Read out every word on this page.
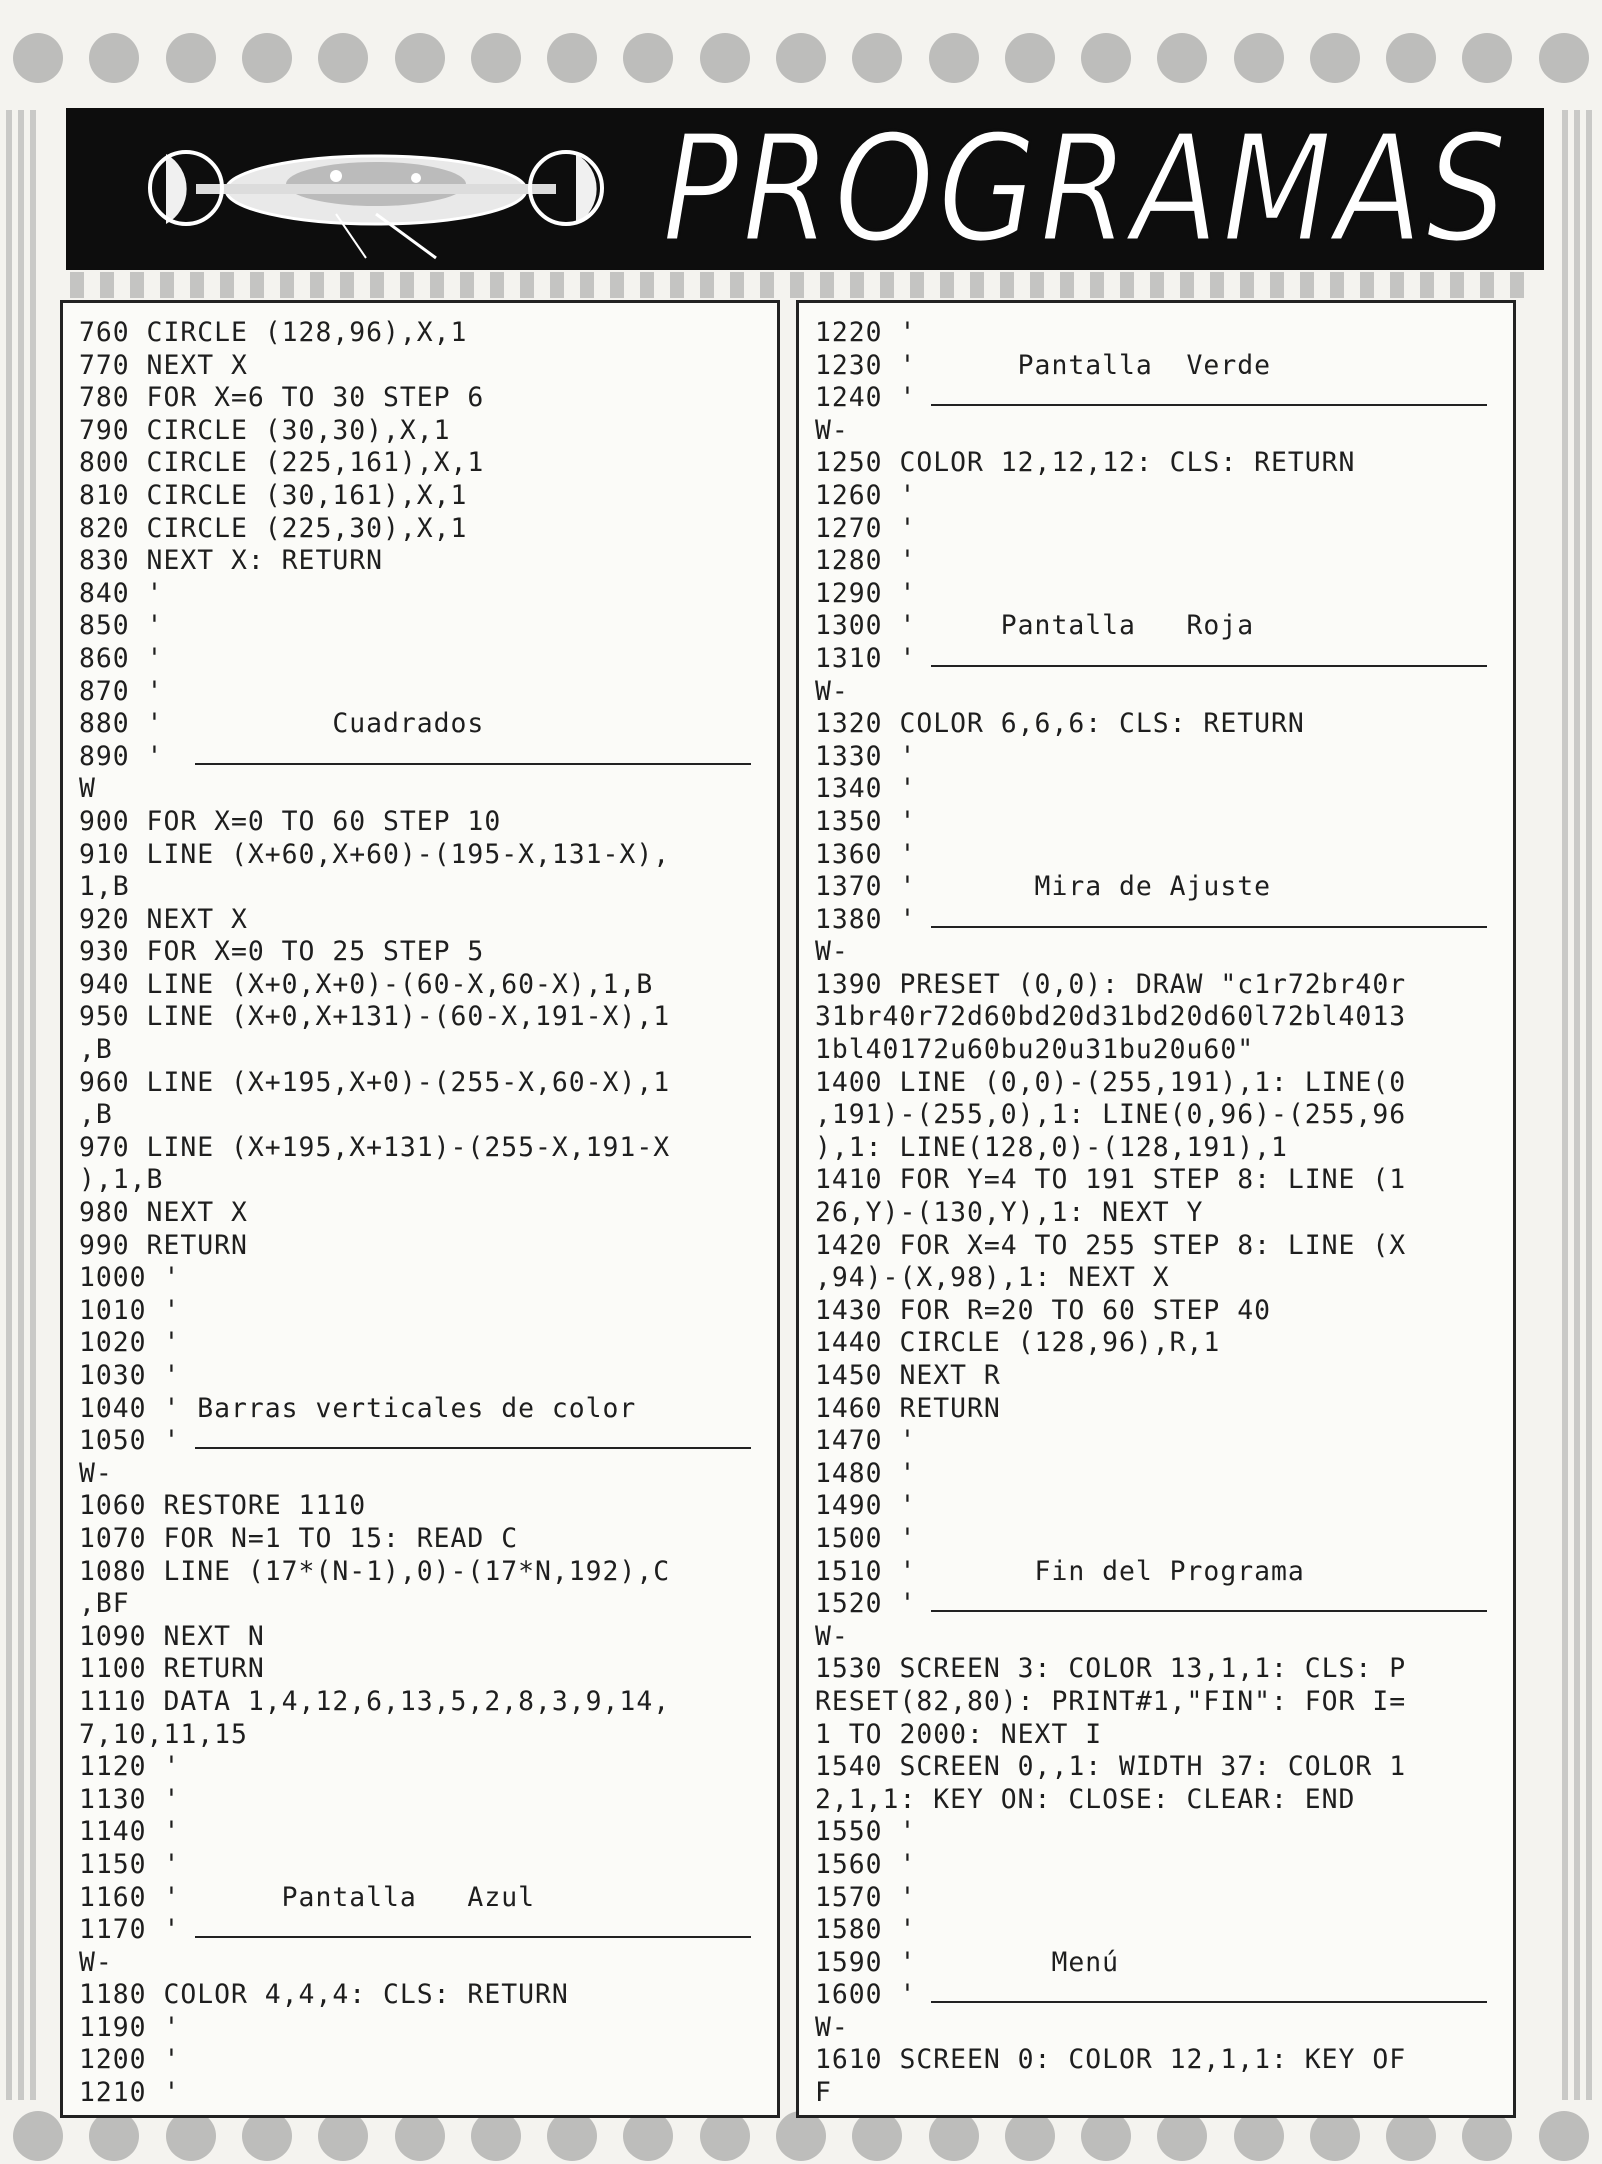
PROGRAMAS
760 CIRCLE (128,96),X,1
770 NEXT X
780 FOR X=6 TO 30 STEP 6
790 CIRCLE (30,30),X,1
800 CIRCLE (225,161),X,1
810 CIRCLE (30,161),X,1
820 CIRCLE (225,30),X,1
830 NEXT X: RETURN
840 '
850 '
860 '
870 '
880 '          Cuadrados
890 '
W
900 FOR X=0 TO 60 STEP 10
910 LINE (X+60,X+60)-(195-X,131-X),
1,B
920 NEXT X
930 FOR X=0 TO 25 STEP 5
940 LINE (X+0,X+0)-(60-X,60-X),1,B
950 LINE (X+0,X+131)-(60-X,191-X),1
,B
960 LINE (X+195,X+0)-(255-X,60-X),1
,B
970 LINE (X+195,X+131)-(255-X,191-X
),1,B
980 NEXT X
990 RETURN
1000 '
1010 '
1020 '
1030 '
1040 ' Barras verticales de color
1050 '
W-
1060 RESTORE 1110
1070 FOR N=1 TO 15: READ C
1080 LINE (17*(N-1),0)-(17*N,192),C
,BF
1090 NEXT N
1100 RETURN
1110 DATA 1,4,12,6,13,5,2,8,3,9,14,
7,10,11,15
1120 '
1130 '
1140 '
1150 '
1160 '      Pantalla   Azul
1170 '
W-
1180 COLOR 4,4,4: CLS: RETURN
1190 '
1200 '
1210 '
1220 '
1230 '      Pantalla  Verde
1240 '
W-
1250 COLOR 12,12,12: CLS: RETURN
1260 '
1270 '
1280 '
1290 '
1300 '     Pantalla   Roja
1310 '
W-
1320 COLOR 6,6,6: CLS: RETURN
1330 '
1340 '
1350 '
1360 '
1370 '       Mira de Ajuste
1380 '
W-
1390 PRESET (0,0): DRAW "c1r72br40r
31br40r72d60bd20d31bd20d60l72bl4013
1bl40172u60bu20u31bu20u60"
1400 LINE (0,0)-(255,191),1: LINE(0
,191)-(255,0),1: LINE(0,96)-(255,96
),1: LINE(128,0)-(128,191),1
1410 FOR Y=4 TO 191 STEP 8: LINE (1
26,Y)-(130,Y),1: NEXT Y
1420 FOR X=4 TO 255 STEP 8: LINE (X
,94)-(X,98),1: NEXT X
1430 FOR R=20 TO 60 STEP 40
1440 CIRCLE (128,96),R,1
1450 NEXT R
1460 RETURN
1470 '
1480 '
1490 '
1500 '
1510 '       Fin del Programa
1520 '
W-
1530 SCREEN 3: COLOR 13,1,1: CLS: P
RESET(82,80): PRINT#1,"FIN": FOR I=
1 TO 2000: NEXT I
1540 SCREEN 0,,1: WIDTH 37: COLOR 1
2,1,1: KEY ON: CLOSE: CLEAR: END
1550 '
1560 '
1570 '
1580 '
1590 '        Menú
1600 '
W-
1610 SCREEN 0: COLOR 12,1,1: KEY OF
F
